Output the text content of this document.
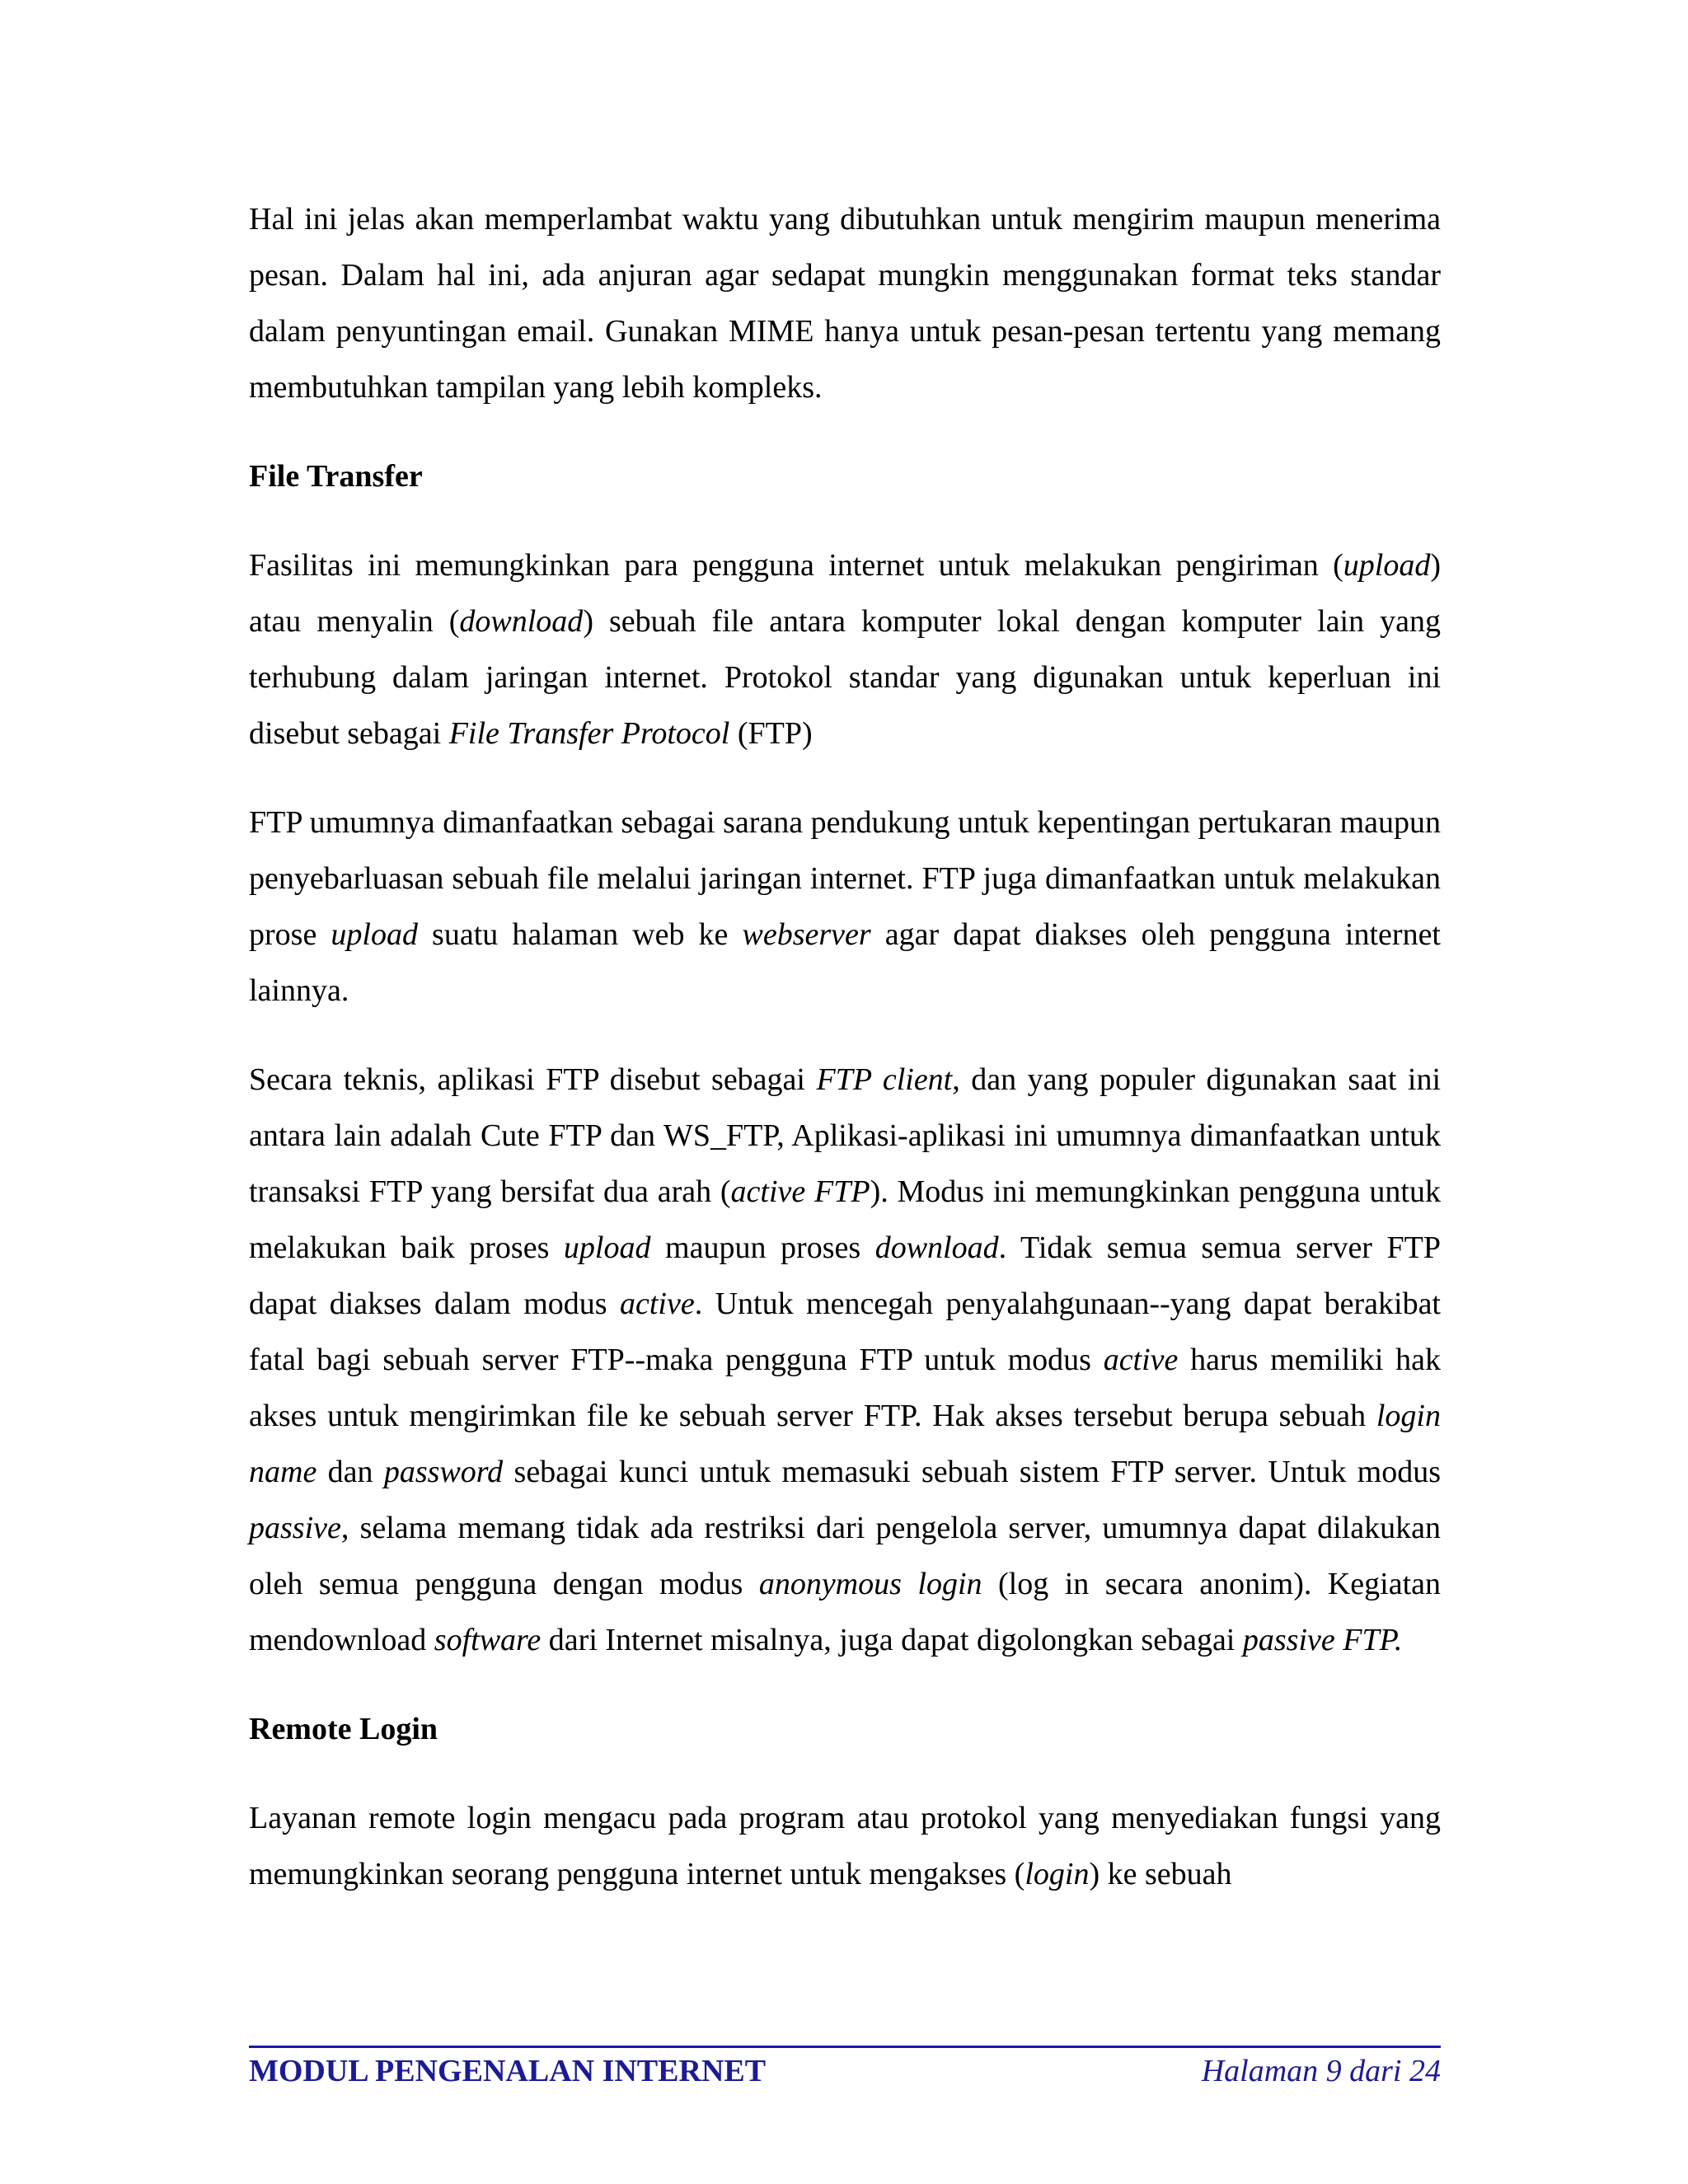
Hal ini jelas akan memperlambat waktu yang dibutuhkan untuk mengirim maupun menerima pesan. Dalam hal ini, ada anjuran agar sedapat mungkin menggunakan format teks standar dalam penyuntingan email. Gunakan MIME hanya untuk pesan-pesan tertentu yang memang membutuhkan tampilan yang lebih kompleks.

File Transfer

Fasilitas ini memungkinkan para pengguna internet untuk melakukan pengiriman (upload) atau menyalin (download) sebuah file antara komputer lokal dengan komputer lain yang terhubung dalam jaringan internet. Protokol standar yang digunakan untuk keperluan ini disebut sebagai File Transfer Protocol (FTP)

FTP umumnya dimanfaatkan sebagai sarana pendukung untuk kepentingan pertukaran maupun penyebarluasan sebuah file melalui jaringan internet. FTP juga dimanfaatkan untuk melakukan prose upload suatu halaman web ke webserver agar dapat diakses oleh pengguna internet lainnya.

Secara teknis, aplikasi FTP disebut sebagai FTP client, dan yang populer digunakan saat ini antara lain adalah Cute FTP dan WS_FTP, Aplikasi-aplikasi ini umumnya dimanfaatkan untuk transaksi FTP yang bersifat dua arah (active FTP). Modus ini memungkinkan pengguna untuk melakukan baik proses upload maupun proses download. Tidak semua semua server FTP dapat diakses dalam modus active. Untuk mencegah penyalahgunaan--yang dapat berakibat fatal bagi sebuah server FTP--maka pengguna FTP untuk modus active harus memiliki hak akses untuk mengirimkan file ke sebuah server FTP. Hak akses tersebut berupa sebuah login name dan password sebagai kunci untuk memasuki sebuah sistem FTP server. Untuk modus passive, selama memang tidak ada restriksi dari pengelola server, umumnya dapat dilakukan oleh semua pengguna dengan modus anonymous login (log in secara anonim). Kegiatan mendownload software dari Internet misalnya, juga dapat digolongkan sebagai passive FTP.

Remote Login

Layanan remote login mengacu pada program atau protokol yang menyediakan fungsi yang memungkinkan seorang pengguna internet untuk mengakses (login) ke sebuah

MODUL PENGENALAN INTERNET	Halaman 9 dari 24
